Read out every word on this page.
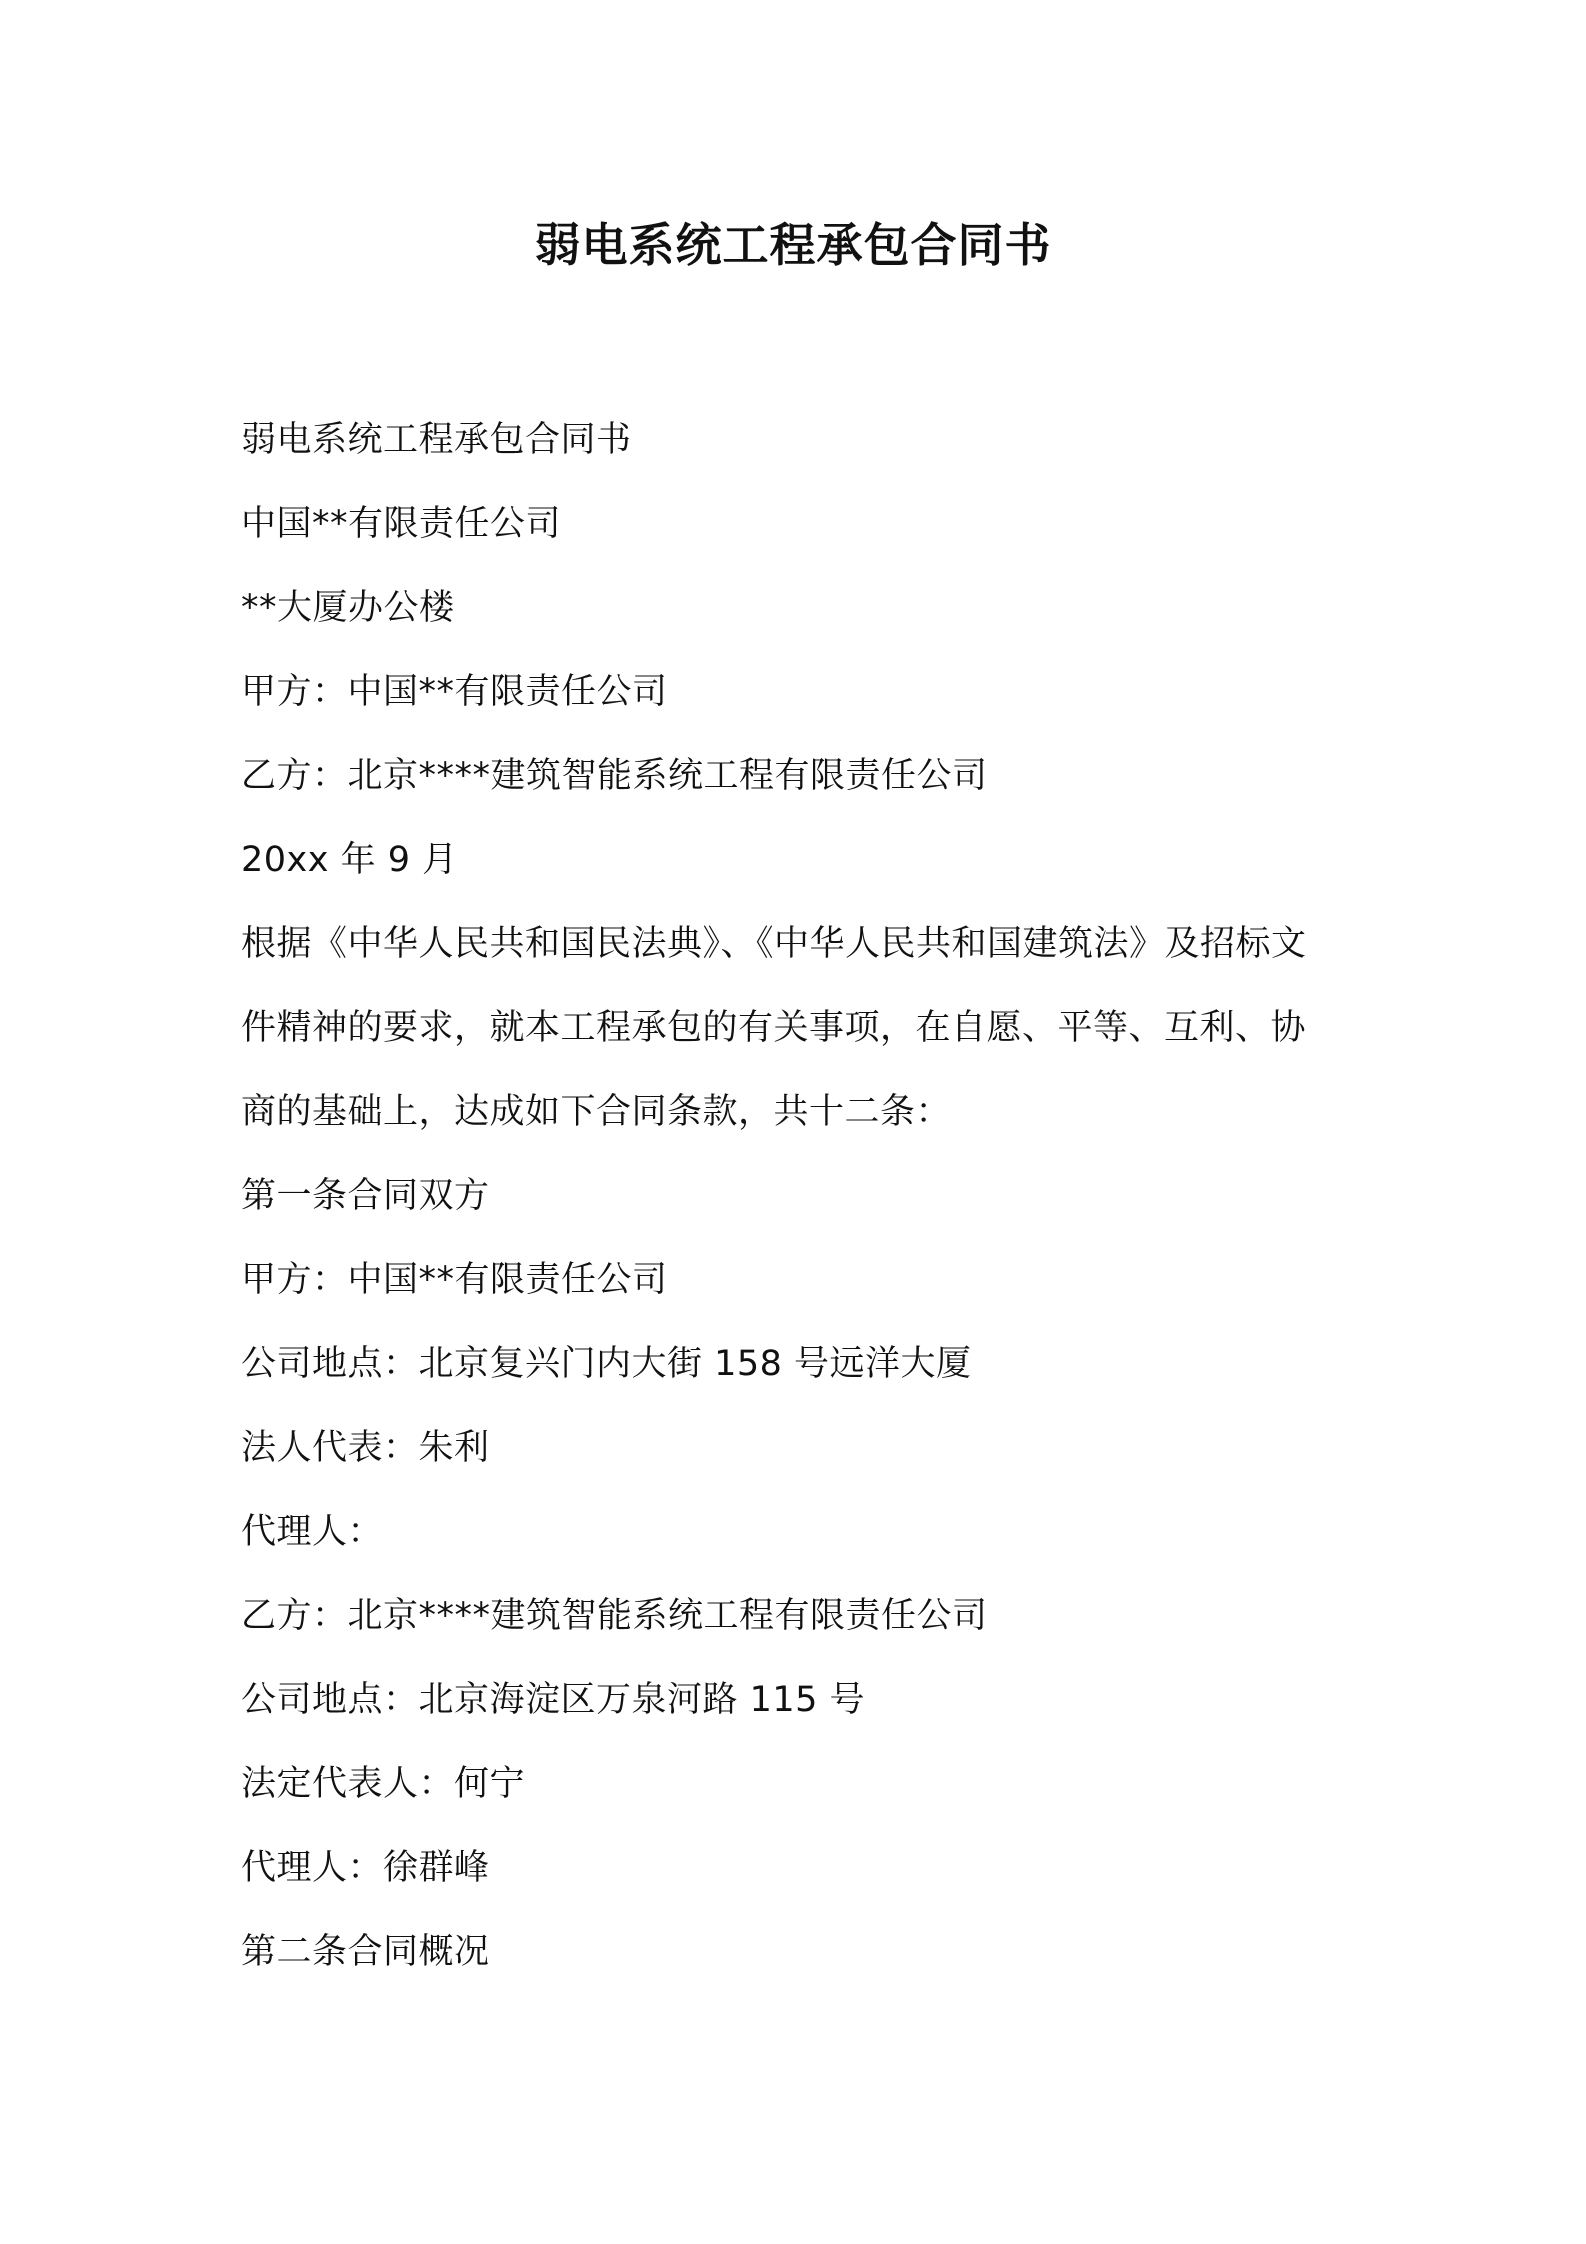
弱电系统工程承包合同书
弱电系统工程承包合同书
中国**有限责任公司
**大厦办公楼
甲方：中国**有限责任公司
乙方：北京****建筑智能系统工程有限责任公司
20xx 年 9 月
根据《中华人民共和国民法典》、《中华人民共和国建筑法》及招标文
件精神的要求，就本工程承包的有关事项，在自愿、平等、互利、协
商的基础上，达成如下合同条款，共十二条：
第一条合同双方
甲方：中国**有限责任公司
公司地点：北京复兴门内大街 158 号远洋大厦
法人代表：朱利
代理人：
乙方：北京****建筑智能系统工程有限责任公司
公司地点：北京海淀区万泉河路 115 号
法定代表人：何宁
代理人：徐群峰
第二条合同概况
